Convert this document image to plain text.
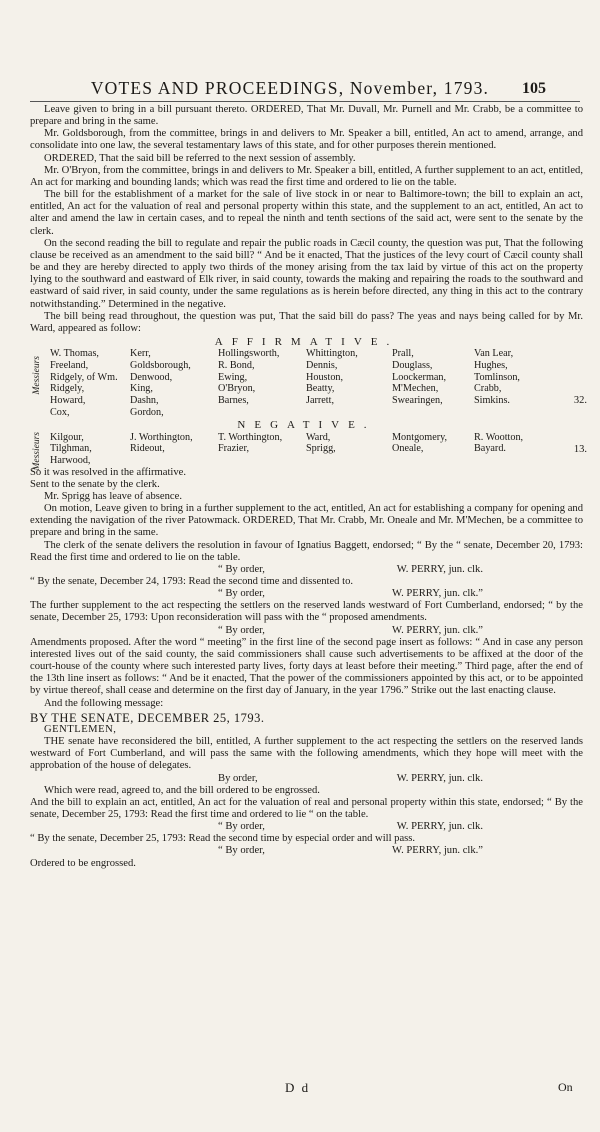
VOTES AND PROCEEDINGS, November, 1793.	105

Leave given to bring in a bill pursuant thereto. ORDERED, That Mr. Duvall, Mr. Purnell and Mr. Crabb, be a committee to prepare and bring in the same.

Mr. Goldsborough, from the committee, brings in and delivers to Mr. Speaker a bill, entitled, An act to amend, arrange, and consolidate into one law, the several testamentary laws of this state, and for other purposes therein mentioned.

ORDERED, That the said bill be referred to the next session of assembly.

Mr. O'Bryon, from the committee, brings in and delivers to Mr. Speaker a bill, entitled, A further supplement to an act, entitled, An act for marking and bounding lands; which was read the first time and ordered to lie on the table.

The bill for the establishment of a market for the sale of live stock in or near to Baltimore-town; the bill to explain an act, entitled, An act for the valuation of real and personal property within this state, and the supplement to an act, entitled, An act to alter and amend the law in certain cases, and to repeal the ninth and tenth sections of the said act, were sent to the senate by the clerk.

On the second reading the bill to regulate and repair the public roads in Cæcil county, the question was put, That the following clause be received as an amendment to the said bill? “ And be it enacted, That the justices of the levy court of Cæcil county shall be and they are hereby directed to apply two thirds of the money arising from the tax laid by virtue of this act on the property lying to the southward and eastward of Elk river, in said county, towards the making and repairing the roads to the southward and eastward of said river, in said county, under the same regulations as is herein before directed, any thing in this act to the contrary notwithstanding.” Determined in the negative.

The bill being read throughout, the question was put, That the said bill do pass? The yeas and nays being called for by Mr. Ward, appeared as follow:

AFFIRMATIVE.
Messieurs
W. Thomas,	Kerr,	Hollingsworth,	Whittington,	Prall,	Van Lear,
Freeland,	Goldsborough,	R. Bond,	Dennis,	Douglass,	Hughes,
Ridgely, of Wm.	Denwood,	Ewing,	Houston,	Loockerman,	Tomlinson,
Ridgely,	King,	O'Bryon,	Beatty,	M'Mechen,	Crabb,
Howard,	Dashn,	Barnes,	Jarrett,	Swearingen,	Simkins.
Cox,	Gordon,				
32.
NEGATIVE.
Messieurs Kilgour,	J. Worthington,	T. Worthington,	Ward,	Montgomery,	R. Wootton,
Tilghman,	Rideout,	Frazier,	Sprigg,	Oneale,	Bayard.
Harwood,					
13.

So it was resolved in the affirmative.

Sent to the senate by the clerk.

Mr. Sprigg has leave of absence.

On motion, Leave given to bring in a further supplement to the act, entitled, An act for establishing a company for opening and extending the navigation of the river Patowmack. ORDERED, That Mr. Crabb, Mr. Oneale and Mr. M'Mechen, be a committee to prepare and bring in the same.

The clerk of the senate delivers the resolution in favour of Ignatius Baggett, endorsed; “ By the “ senate, December 20, 1793: Read the first time and ordered to lie on the table.

“ By order,	W. PERRY, jun. clk.

“ By the senate, December 24, 1793: Read the second time and dissented to.

“ By order,	W. PERRY, jun. clk.”

The further supplement to the act respecting the settlers on the reserved lands westward of Fort Cumberland, endorsed; “ by the senate, December 25, 1793: Upon reconsideration will pass with the “ proposed amendments.

“ By order,	W. PERRY, jun. clk.”

Amendments proposed. After the word “ meeting” in the first line of the second page insert as follows: “ And in case any person interested lives out of the said county, the said commissioners shall cause such advertisements to be affixed at the door of the court-house of the county where such interested party lives, forty days at least before their meeting.” Third page, after the end of the 13th line insert as follows: “ And be it enacted, That the power of the commissioners appointed by this act, or to be appointed by virtue thereof, shall cease and determine on the first day of January, in the year 1796.” Strike out the last enacting clause.

And the following message:

BY THE SENATE, DECEMBER 25, 1793.

GENTLEMEN,

THE senate have reconsidered the bill, entitled, A further supplement to the act respecting the settlers on the reserved lands westward of Fort Cumberland, and will pass the same with the following amendments, which they hope will meet with the approbation of the house of delegates.

By order,	W. PERRY, jun. clk.

Which were read, agreed to, and the bill ordered to be engrossed.

And the bill to explain an act, entitled, An act for the valuation of real and personal property within this state, endorsed; “ By the senate, December 25, 1793: Read the first time and ordered to lie “ on the table.

“ By order,	W. PERRY, jun. clk.

“ By the senate, December 25, 1793: Read the second time by especial order and will pass.

“ By order,	W. PERRY, jun. clk.”

Ordered to be engrossed.

D d	On
